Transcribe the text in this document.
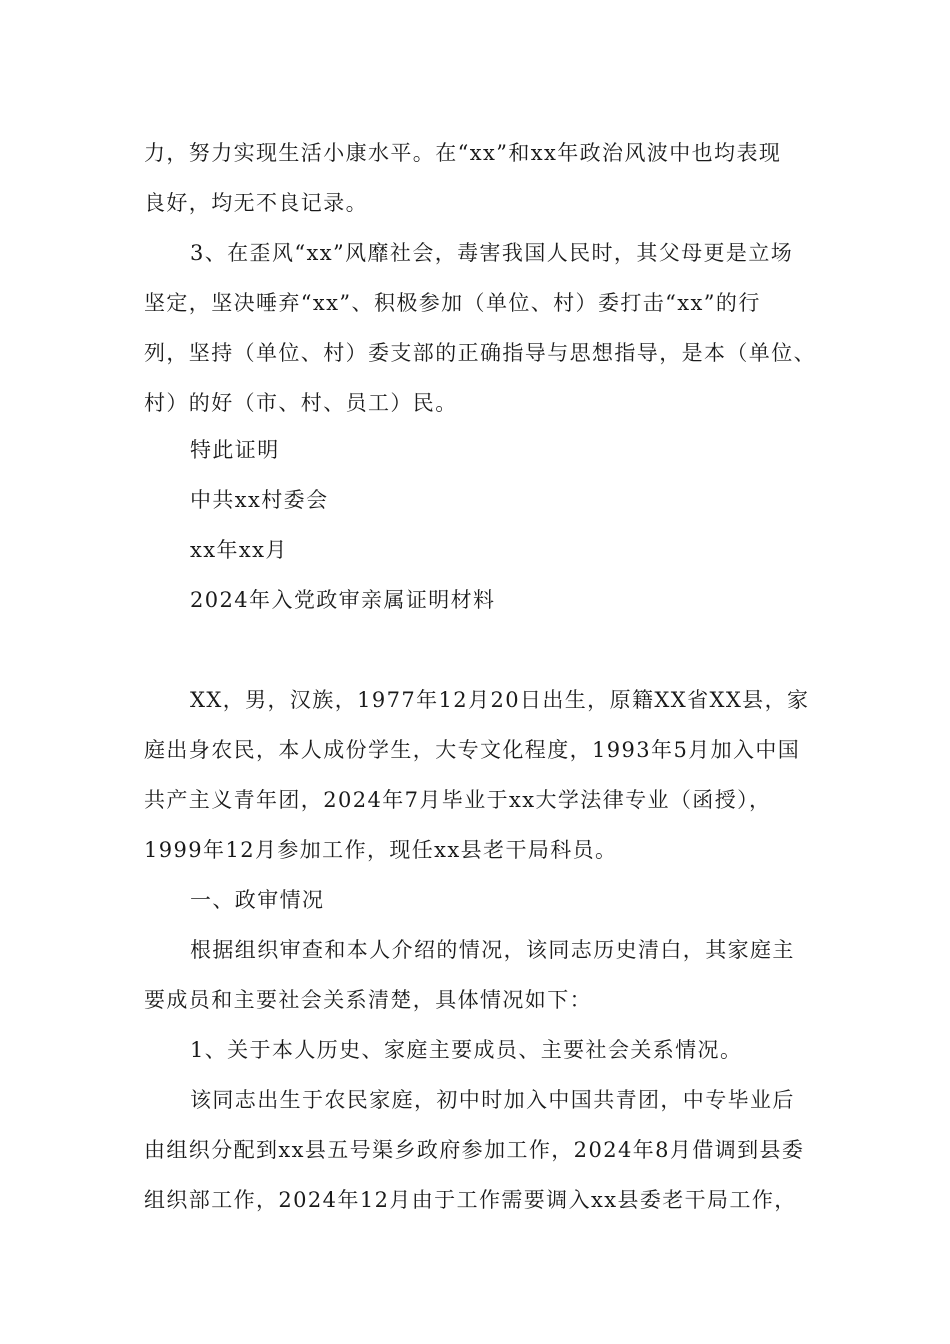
力，努力实现生活小康水平。在“xx”和xx年政治风波中也均表现
良好，均无不良记录。
3、在歪风“xx”风靡社会，毒害我国人民时，其父母更是立场
坚定，坚决唾弃“xx”、积极参加（单位、村）委打击“xx”的行
列，坚持（单位、村）委支部的正确指导与思想指导，是本（单位、
村）的好（市、村、员工）民。
特此证明
中共xx村委会
xx年xx月
2024年入党政审亲属证明材料
XX，男，汉族，1977年12月20日出生，原籍XX省XX县，家
庭出身农民，本人成份学生，大专文化程度，1993年5月加入中国
共产主义青年团，2024年7月毕业于xx大学法律专业（函授），
1999年12月参加工作，现任xx县老干局科员。
一、政审情况
根据组织审查和本人介绍的情况，该同志历史清白，其家庭主
要成员和主要社会关系清楚，具体情况如下：
1、关于本人历史、家庭主要成员、主要社会关系情况。
该同志出生于农民家庭，初中时加入中国共青团，中专毕业后
由组织分配到xx县五号渠乡政府参加工作，2024年8月借调到县委
组织部工作，2024年12月由于工作需要调入xx县委老干局工作，
